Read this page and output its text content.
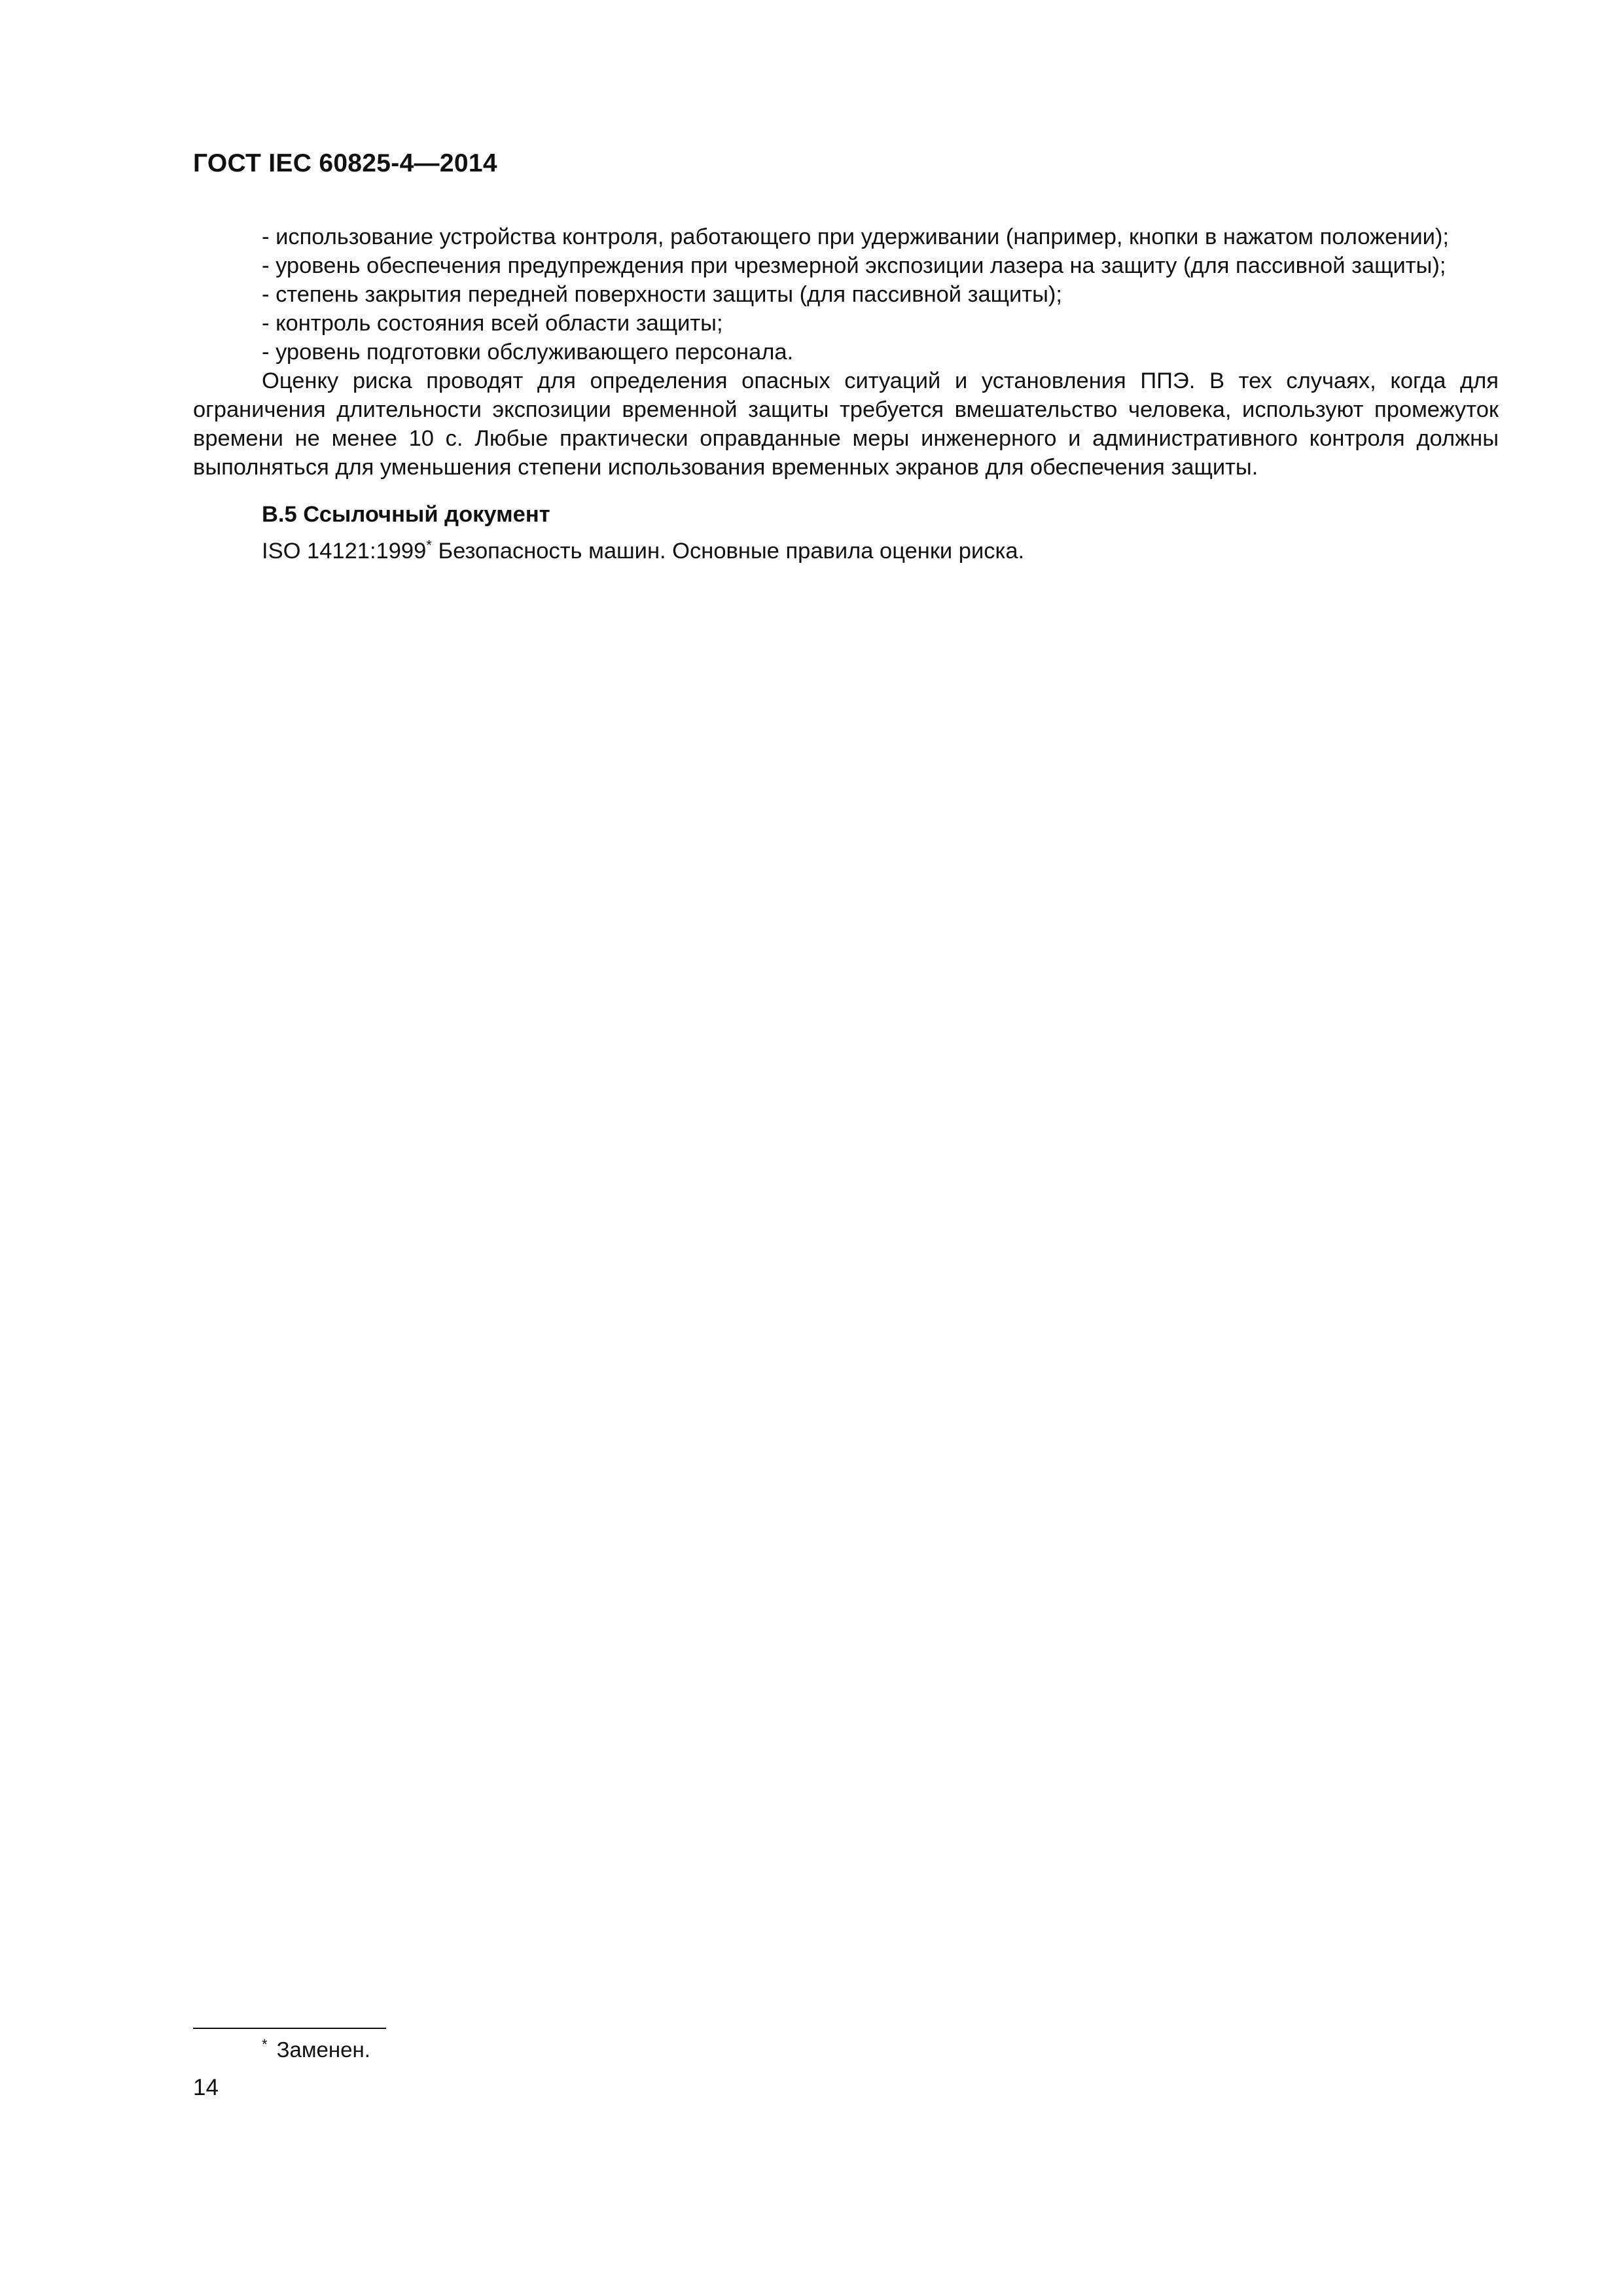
ГОСТ IEC 60825-4—2014
- использование устройства контроля, работающего при удерживании (например, кнопки в нажатом положении);
- уровень обеспечения предупреждения при чрезмерной экспозиции лазера на защиту (для пассивной защиты);
- степень закрытия передней поверхности защиты (для пассивной защиты);
- контроль состояния всей области защиты;
- уровень подготовки обслуживающего персонала.

Оценку риска проводят для определения опасных ситуаций и установления ППЭ. В тех случаях, когда для ограничения длительности экспозиции временной защиты требуется вмешательство человека, используют промежуток времени не менее 10 с. Любые практически оправданные меры инженерного и административного контроля должны выполняться для уменьшения степени использования временных экранов для обеспечения защиты.

В.5 Ссылочный документ
ISO 14121:1999* Безопасность машин. Основные правила оценки риска.
* Заменен.
14
